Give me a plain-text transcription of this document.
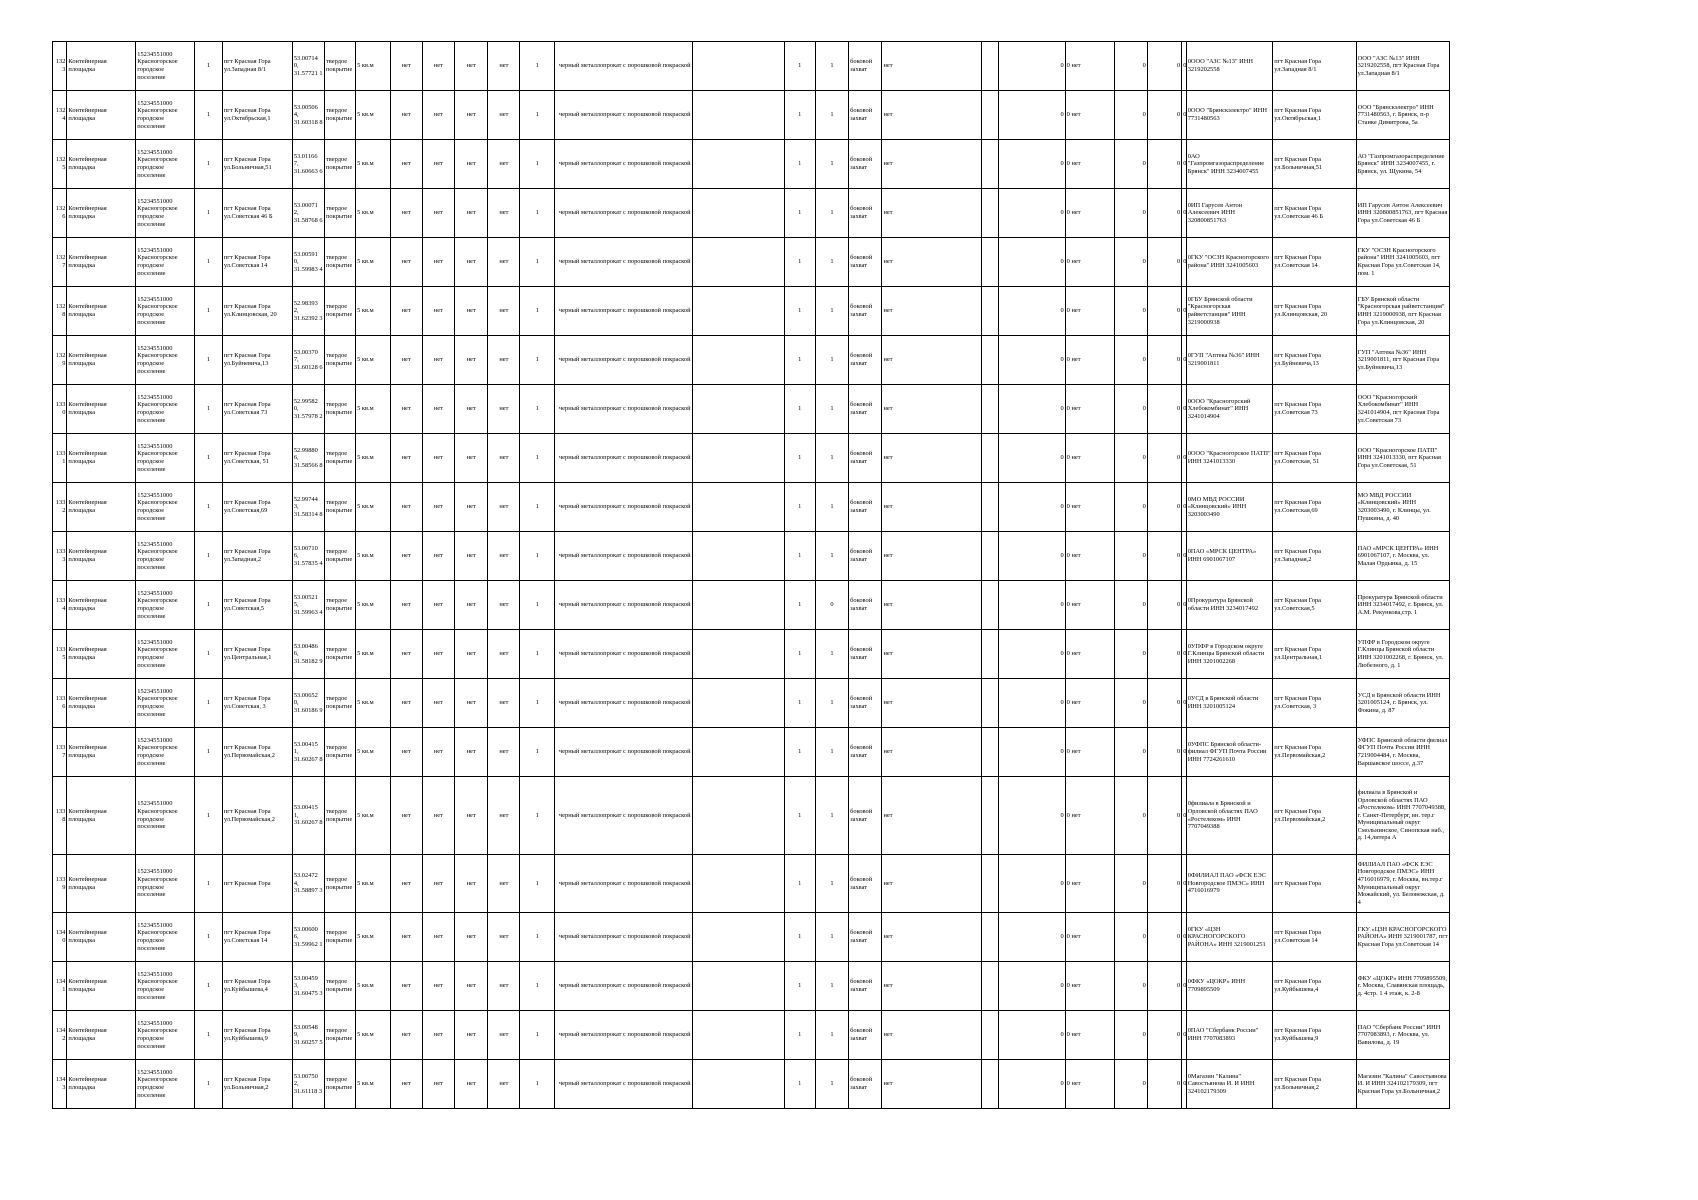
1323	Контейнерная площадка	15234551000 Красногорское городское поселение	1	пгт Красная Гора ул.Западная 8/1	53.00714 0, 31.57721 1	твердое покрытие	5 кв.м	нет	нет	нет	нет	1	черный металлопрокат с порошковой покраской		1	1	боковой захват	нет		0	0 нет	0	0	0	0ООО "АЗС №13" ИНН 3219202558	пгт Красная Гора ул.Западная 8/1	ООО "АЗС №13" ИНН 3219202558, пгт Красная Гора ул.Западная 8/1
1324	Контейнерная площадка	15234551000 Красногорское городское поселение	1	пгт Красная Гора ул.Октябрьская,1	53.00506 4, 31.60318 8	твердое покрытие	5 кв.м	нет	нет	нет	нет	1	черный металлопрокат с порошковой покраской		1	1	боковой захват	нет		0	0 нет	0	0	0	0ООО "Брянскэлектро" ИНН 7731480563	пгт Красная Гора ул.Октябрьская,1	ООО "Брянскэлектро" ИНН 7731480563, г. Брянск, п-р Станке Димитрова, 5а
1325	Контейнерная площадка	15234551000 Красногорское городское поселение	1	пгт Красная Гора ул.Больничная,51	53.01166 7, 31.60663 6	твердое покрытие	5 кв.м	нет	нет	нет	нет	1	черный металлопрокат с порошковой покраской		1	1	боковой захват	нет		0	0 нет	0	0	0	0АО "Газпромгазораспределение Брянск" ИНН 3234007455	пгт Красная Гора ул.Больничная,51	АО "Газпромгазораспределение Брянск" ИНН 3234007455, г. Брянск, ул. Щукина, 54
1326	Контейнерная площадка	15234551000 Красногорское городское поселение	1	пгт Красная Гора ул.Советская 46 Б	53.00071 2, 31.58768 6	твердое покрытие	5 кв.м	нет	нет	нет	нет	1	черный металлопрокат с порошковой покраской		1	1	боковой захват	нет		0	0 нет	0	0	0	0ИП Гарусев Антон Алексеевич ИНН 320800851763	пгт Красная Гора ул.Советская 46 Б	ИП Гарусев Антон Алексеевич ИНН 320800851763, пгт Красная Гора ул.Советская 46 Б
1327	Контейнерная площадка	15234551000 Красногорское городское поселение	1	пгт Красная Гора ул.Советская 14	53.00591 0, 31.59983 4	твердое покрытие	5 кв.м	нет	нет	нет	нет	1	черный металлопрокат с порошковой покраской		1	1	боковой захват	нет		0	0 нет	0	0	0	0ГКУ "ОСЗН Красногорского района" ИНН 3241005603	пгт Красная Гора ул.Советская 14	ГКУ "ОСЗН Красногорского района" ИНН 3241005603, пгт Красная Гора ул.Советская 14, пом. 1
1328	Контейнерная площадка	15234551000 Красногорское городское поселение	1	пгт Красная Гора ул.Клинцовская, 20	52.98393 2, 31.62392 3	твердое покрытие	5 кв.м	нет	нет	нет	нет	1	черный металлопрокат с порошковой покраской		1	1	боковой захват	нет		0	0 нет	0	0	0	0ГБУ Брянской области "Красногорская райветстанция" ИНН 3219000938	пгт Красная Гора ул.Клинцовская, 20	ГБУ Брянской области "Красногорская райветстанция" ИНН 3219000938, пгт Красная Гора ул.Клинцовская, 20
1329	Контейнерная площадка	15234551000 Красногорское городское поселение	1	пгт Красная Гора ул.Буйневича,13	53.00370 7, 31.60128 6	твердое покрытие	5 кв.м	нет	нет	нет	нет	1	черный металлопрокат с порошковой покраской		1	1	боковой захват	нет		0	0 нет	0	0	0	0ГУП "Аптека №36" ИНН 3219001811	пгт Красная Гора ул.Буйневича,13	ГУП "Аптека №36" ИНН 3219001811, пгт Красная Гора ул.Буйневича,13
1330	Контейнерная площадка	15234551000 Красногорское городское поселение	1	пгт Красная Гора ул.Советская 73	52.99582 0, 31.57978 2	твердое покрытие	5 кв.м	нет	нет	нет	нет	1	черный металлопрокат с порошковой покраской		1	1	боковой захват	нет		0	0 нет	0	0	0	0ООО "Красногорский Хлебокомбинат" ИНН 3241014904	пгт Красная Гора ул.Советская 73	ООО "Красногорский Хлебокомбинат" ИНН 3241014904, пгт Красная Гора ул.Советская 73
1331	Контейнерная площадка	15234551000 Красногорское городское поселение	1	пгт Красная Гора ул.Советская, 51	52.99880 6, 31.58566 8	твердое покрытие	5 кв.м	нет	нет	нет	нет	1	черный металлопрокат с порошковой покраской		1	1	боковой захват	нет		0	0 нет	0	0	0	0ООО "Красногорское ПАТП" ИНН 3241013330	пгт Красная Гора ул.Советская, 51	ООО "Красногорское ПАТП" ИНН 3241013330, пгт Красная Гора ул.Советская, 51
1332	Контейнерная площадка	15234551000 Красногорское городское поселение	1	пгт Красная Гора ул.Советская,69	52.99744 3, 31.58314 8	твердое покрытие	5 кв.м	нет	нет	нет	нет	1	черный металлопрокат с порошковой покраской		1	1	боковой захват	нет		0	0 нет	0	0	0	0МО МВД РОССИИ «Клинцовский» ИНН 3203003490	пгт Красная Гора ул.Советская,69	МО МВД РОССИИ «Клинцовский» ИНН 3203003490, г. Клинцы, ул. Пушкина, д. 40
1333	Контейнерная площадка	15234551000 Красногорское городское поселение	1	пгт Красная Гора ул.Западная,2	53.00710 6, 31.57835 4	твердое покрытие	5 кв.м	нет	нет	нет	нет	1	черный металлопрокат с порошковой покраской		1	1	боковой захват	нет		0	0 нет	0	0	0	0ПАО «МРСК ЦЕНТРА» ИНН 6901067107	пгт Красная Гора ул.Западная,2	ПАО «МРСК ЦЕНТРА» ИНН 6901067107, г. Москва, ул. Малая Ордынка, д. 15
1334	Контейнерная площадка	15234551000 Красногорское городское поселение	1	пгт Красная Гора ул.Советская,5	53.00521 5, 31.59963 4	твердое покрытие	5 кв.м	нет	нет	нет	нет	1	черный металлопрокат с порошковой покраской		1	0	боковой захват	нет		0	0 нет	0	0	0	0Прокуратура Брянской области ИНН 3234017492	пгт Красная Гора ул.Советская,5	Прокуратура Брянской области ИНН 3234017492, г. Брянск, ул. А.М. Рекункова,стр. 1
1335	Контейнерная площадка	15234551000 Красногорское городское поселение	1	пгт Красная Гора ул.Центральная,1	53.00486 6, 31.58182 9	твердое покрытие	5 кв.м	нет	нет	нет	нет	1	черный металлопрокат с порошковой покраской		1	1	боковой захват	нет		0	0 нет	0	0	0	0УПФР в Городском округе Г.Клинцы Брянской области ИНН 3201002268	пгт Красная Гора ул.Центральная,1	УПФР в Городском округе Г.Клинцы Брянской области ИНН 3201002268, г. Брянск, ул. Любезного, д. 1
1336	Контейнерная площадка	15234551000 Красногорское городское поселение	1	пгт Красная Гора ул.Советская, 3	53.00652 0, 31.60186 9	твердое покрытие	5 кв.м	нет	нет	нет	нет	1	черный металлопрокат с порошковой покраской		1	1	боковой захват	нет		0	0 нет	0	0	0	0УСД в Брянской области ИНН 3201005124	пгт Красная Гора ул.Советская, 3	УСД в Брянской области ИНН 3201005124, г. Брянск, ул. Фокина, д. 87
1337	Контейнерная площадка	15234551000 Красногорское городское поселение	1	пгт Красная Гора ул.Первомайская,2	53.00415 1, 31.60267 8	твердое покрытие	5 кв.м	нет	нет	нет	нет	1	черный металлопрокат с порошковой покраской		1	1	боковой захват	нет		0	0 нет	0	0	0	0УФПС Брянской области-филиал ФГУП Почта России ИНН 7724261610	пгт Красная Гора ул.Первомайская,2	УФПС Брянской области филиал ФГУП Почта России ИНН 7219004484, г. Москва, Варшавское шоссе, д.37
1338	Контейнерная площадка	15234551000 Красногорское городское поселение	1	пгт Красная Гора ул.Первомайская,2	53.00415 1, 31.60267 8	твердое покрытие	5 кв.м	нет	нет	нет	нет	1	черный металлопрокат с порошковой покраской		1	1	боковой захват	нет		0	0 нет	0	0	0	0филиала в Брянской и Орловской областях ПАО «Ростелеком» ИНН 7707049388	пгт Красная Гора ул.Первомайская,2	филиала в Брянской и Орловской областях ПАО «Ростелеком» ИНН 7707049388, г. Санкт-Петербург, вн. тер.г Муниципальный округ Смольнинское, Синопская наб., д. 14,литера А
1339	Контейнерная площадка	15234551000 Красногорское городское поселение	1	пгт Красная Гора	53.02472 4, 31.58897 3	твердое покрытие	5 кв.м	нет	нет	нет	нет	1	черный металлопрокат с порошковой покраской		1	1	боковой захват	нет		0	0 нет	0	0	0	0ФИЛИАЛ ПАО «ФСК ЕЭС Новгородское ПМЭС» ИНН 4716016979	пгт Красная Гора	ФИЛИАЛ ПАО «ФСК ЕЭС Новгородское ПМЭС» ИНН 4716016979, г. Москва, вн.тер.г Муниципальный округ Можайский, ул. Беловежская, д. 4
1340	Контейнерная площадка	15234551000 Красногорское городское поселение	1	пгт Красная Гора ул.Советская 14	53.00600 6, 31.59962 1	твердое покрытие	5 кв.м	нет	нет	нет	нет	1	черный металлопрокат с порошковой покраской		1	1	боковой захват	нет		0	0 нет	0	0	0	0ГКУ «ЦЗН КРАСНОГОРСКОГО РАЙОНА» ИНН 3219001251	пгт Красная Гора ул.Советская 14	ГКУ «ЦЗН КРАСНОГОРСКОГО РАЙОНА» ИНН 3219001787, пгт Красная Гора ул.Советская 14
1341	Контейнерная площадка	15234551000 Красногорское городское поселение	1	пгт Красная Гора ул.Куйбышева,4	53.00459 3, 31.60475 3	твердое покрытие	5 кв.м	нет	нет	нет	нет	1	черный металлопрокат с порошковой покраской		1	1	боковой захват	нет		0	0 нет	0	0	0	0ФКУ «ЦОКР» ИНН 7709895509	пгт Красная Гора ул.Куйбышева,4	ФКУ «ЦОКР» ИНН 7709895509, г. Москва, Славянская площадь, д. 4стр. 1 4 этаж, к. 2-8
1342	Контейнерная площадка	15234551000 Красногорское городское поселение	1	пгт Красная Гора ул.Куйбышева,9	53.00548 9, 31.60257 5	твердое покрытие	5 кв.м	нет	нет	нет	нет	1	черный металлопрокат с порошковой покраской		1	1	боковой захват	нет		0	0 нет	0	0	0	0ПАО "Сбербанк России" ИНН 7707083893	пгт Красная Гора ул.Куйбышева,9	ПАО "Сбербанк России" ИНН 7707083893, г. Москва, ул. Вавилова, д. 19
1343	Контейнерная площадка	15234551000 Красногорское городское поселение	1	пгт Красная Гора ул.Больничная,2	53.00750 2, 31.61118 3	твердое покрытие	5 кв.м	нет	нет	нет	нет	1	черный металлопрокат с порошковой покраской		1	1	боковой захват	нет		0	0 нет	0	0	0	0Магазин "Калина" Савостьянова И. И ИНН 324102179309	пгт Красная Гора ул.Больничная,2	Магазин "Калина" Савостьянова И. И ИНН 324102179309, пгт Красная Гора ул.Больничная,2
